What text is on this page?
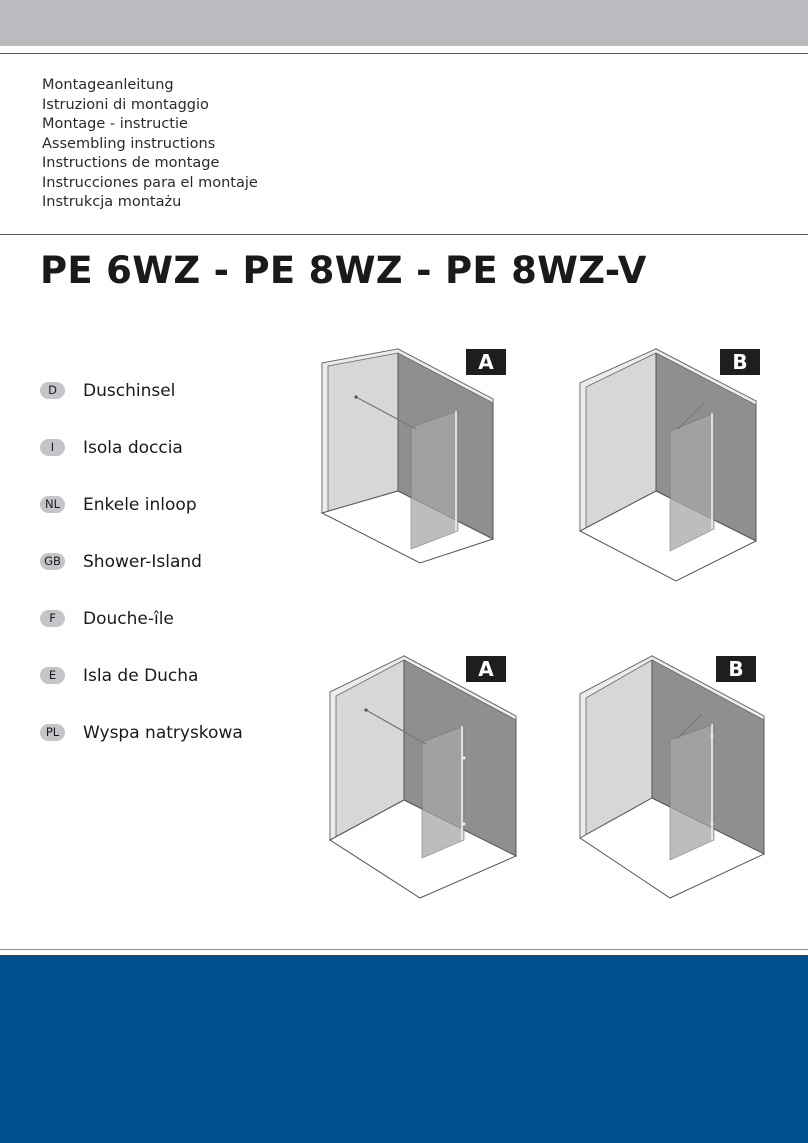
Montageanleitung
Istruzioni di montaggio
Montage - instructie
Assembling instructions
Instructions de montage
Instrucciones para el montaje
Instrukcja montażu
PE 6WZ - PE 8WZ - PE 8WZ-V
D	Duschinsel
I	Isola doccia
NL Enkele inloop
GB Shower-Island
F	Douche-île
E	Isla de Ducha
PL	Wyspa natryskowa
A	B
A	B
